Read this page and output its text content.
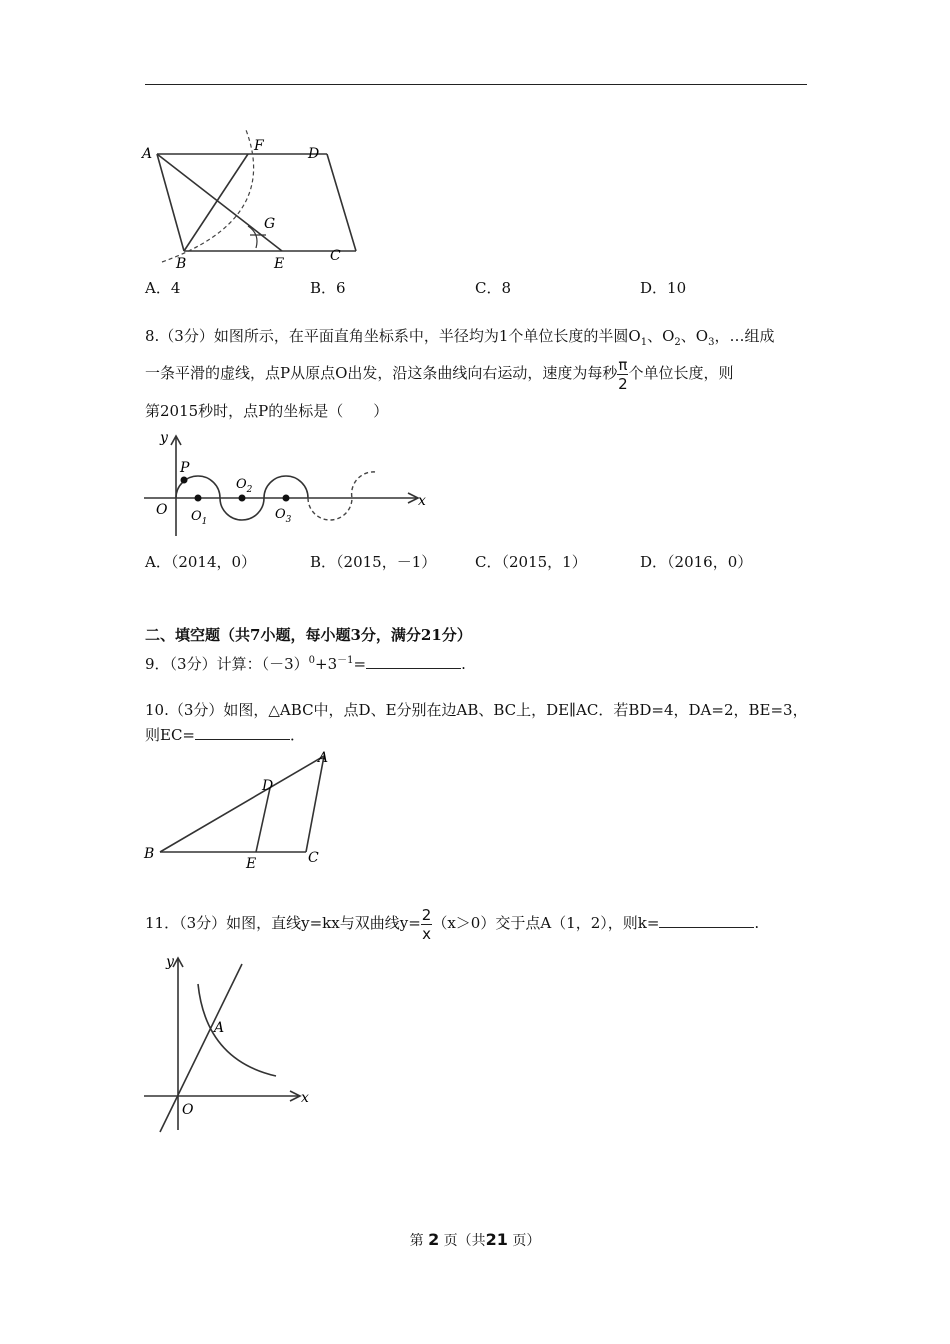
A	F	D
B	E	C
G
A．4	B．6	C．8	D．10
8.（3分）如图所示，在平面直角坐标系中，半径均为1个单位长度的半圆$O_1$、$O_2$、$O_3$，…组成
一条平滑的虚线，点P从原点O出发，沿这条曲线向右运动，速度为每秒 $\frac{\pi}{2}$ 个单位长度，则
第2015秒时，点P的坐标是（　　）
y
x
O
P
$O_1$
$O_2$
$O_3$
A．（2014，0）	B．（2015，－1）	C．（2015，1）	D．（2016，0）
二、填空题（共7小题，每小题3分，满分21分）
9．（3分）计算：$(-3)^0+3^{-1}=$	.
10.（3分）如图，△ABC中，点D、E分别在边AB、BC上，DE∥AC．若BD=4，DA=2，BE=3，
则EC=	．
A
B	C
D
E
11．（3分）如图，直线y=kx与双曲线$y= \frac{2}{x} (x>0)$交于点A（1，2），则k=	.
y
x
O
A
第 2 页（共21 页）
